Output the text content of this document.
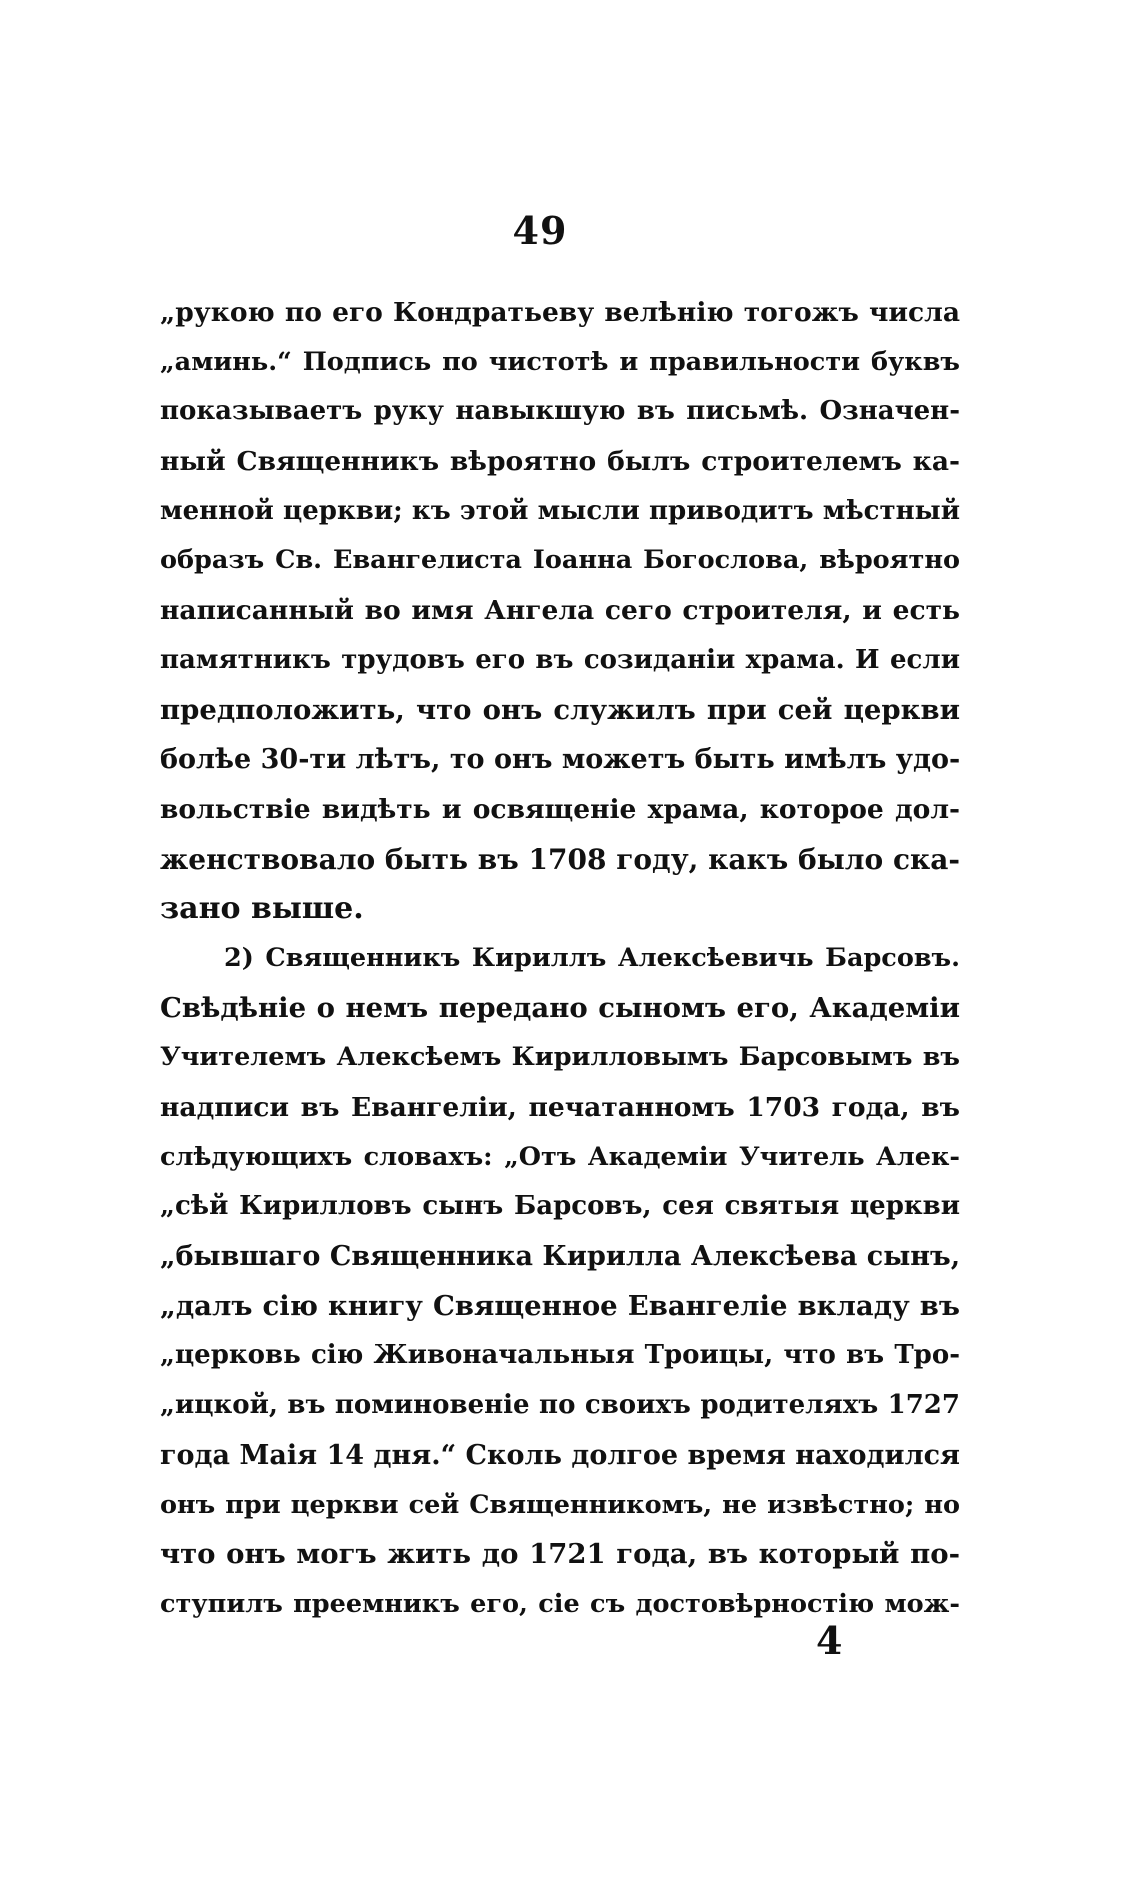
49
„рукою по его Кондратьеву велѣнію тогожъ числа
„аминь.“ Подпись по чистотѣ и правильности буквъ
показываетъ руку навыкшую въ письмѣ. Означен-
ный Священникъ вѣроятно былъ строителемъ ка-
менной церкви; къ этой мысли приводитъ мѣстный
образъ Св. Евангелиста Іоанна Богослова, вѣроятно
написанный во имя Ангела сего строителя, и есть
памятникъ трудовъ его въ созиданіи храма. И если
предположить, что онъ служилъ при сей церкви
болѣе 30-ти лѣтъ, то онъ можетъ быть имѣлъ удо-
вольствіе видѣть и освященіе храма, которое дол-
женствовало быть въ 1708 году, какъ было ска-
зано выше.
2) Священникъ Кириллъ Алексѣевичь Барсовъ.
Свѣдѣніе о немъ передано сыномъ его, Академіи
Учителемъ Алексѣемъ Кирилловымъ Барсовымъ въ
надписи въ Евангеліи, печатанномъ 1703 года, въ
слѣдующихъ словахъ: „Отъ Академіи Учитель Алек-
„сѣй Кирилловъ сынъ Барсовъ, сея святыя церкви
„бывшаго Священника Кирилла Алексѣева сынъ,
„далъ сію книгу Священное Евангеліе вкладу въ
„церковь сію Живоначальныя Троицы, что въ Тро-
„ицкой, въ поминовеніе по своихъ родителяхъ 1727
года Маія 14 дня.“ Сколь долгое время находился
онъ при церкви сей Священникомъ, не извѣстно; но
что онъ могъ жить до 1721 года, въ который по-
ступилъ преемникъ его, сіе съ достовѣрностію мож-
4
